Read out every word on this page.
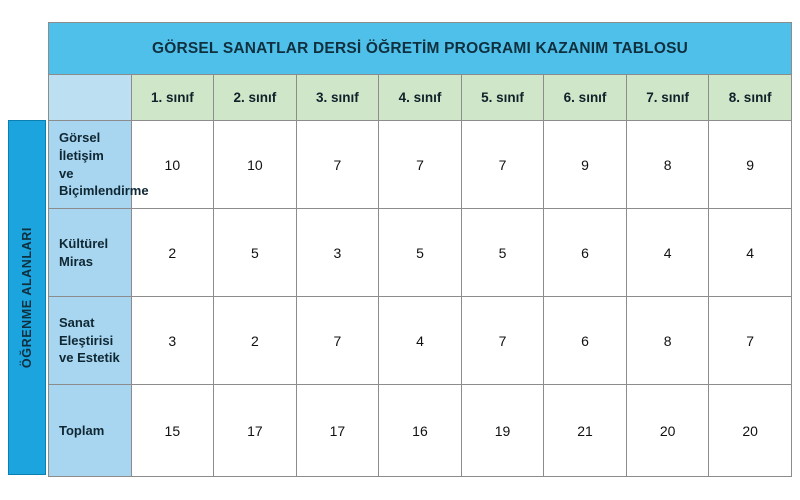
ÖĞRENME ALANLARI
GÖRSEL SANATLAR DERSİ ÖĞRETİM PROGRAMI KAZANIM TABLOSU								
	1. sınıf	2. sınıf	3. sınıf	4. sınıf	5. sınıf	6. sınıf	7. sınıf	8. sınıf
Görsel İletişim ve Biçimlendirme	10	10	7	7	7	9	8	9
Kültürel Miras	2	5	3	5	5	6	4	4
Sanat Eleştirisi ve Estetik	3	2	7	4	7	6	8	7
Toplam	15	17	17	16	19	21	20	20
